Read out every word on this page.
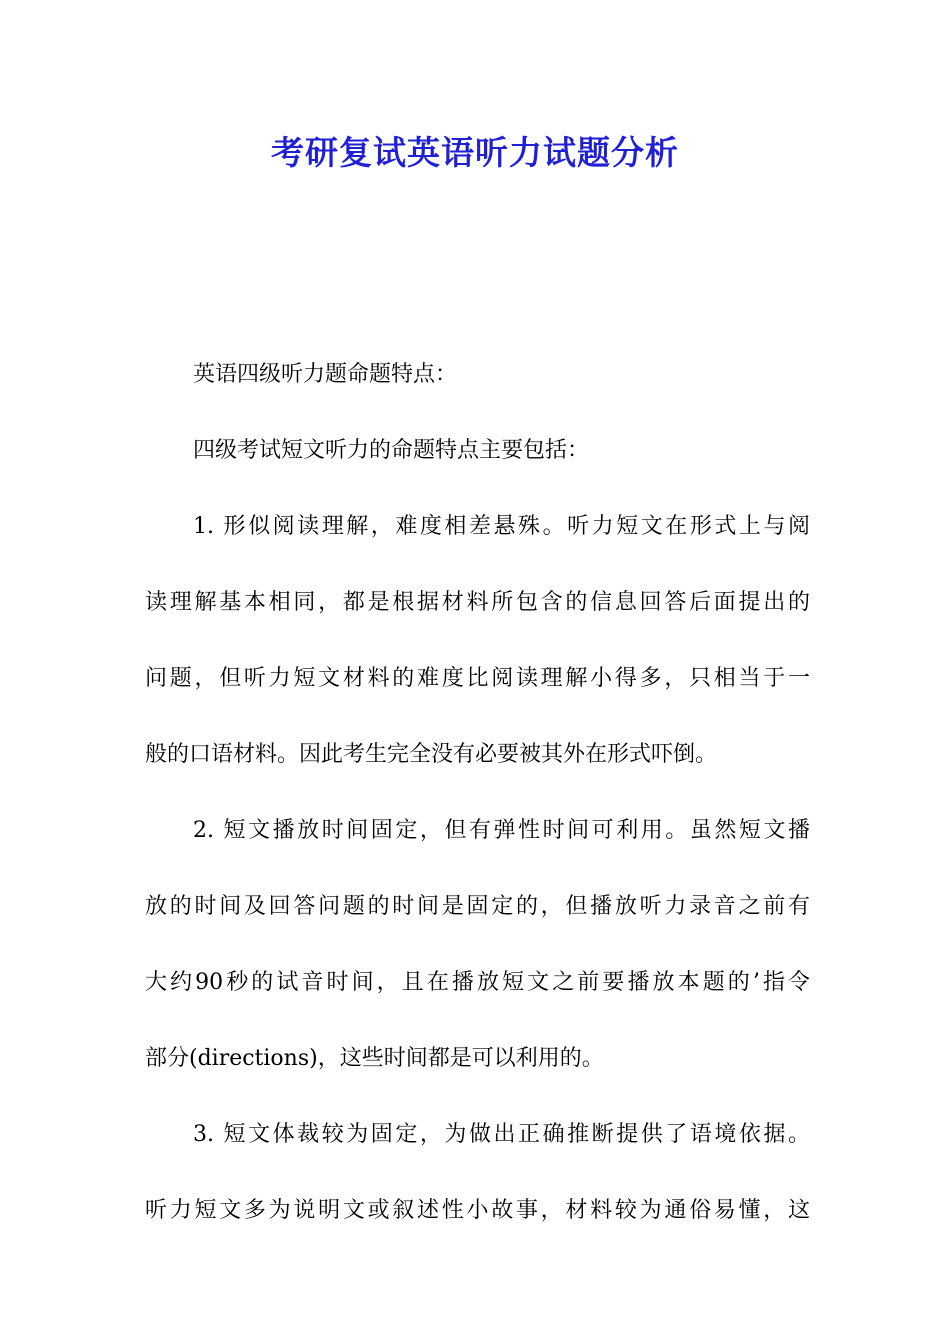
考研复试英语听力试题分析
英语四级听力题命题特点：
四级考试短文听力的命题特点主要包括：
1. 形似阅读理解，难度相差悬殊。听力短文在形式上与阅
读理解基本相同，都是根据材料所包含的信息回答后面提出的
问题，但听力短文材料的难度比阅读理解小得多，只相当于一
般的口语材料。因此考生完全没有必要被其外在形式吓倒。
2. 短文播放时间固定，但有弹性时间可利用。虽然短文播
放的时间及回答问题的时间是固定的，但播放听力录音之前有
大约90秒的试音时间，且在播放短文之前要播放本题的’指令
部分(directions)，这些时间都是可以利用的。
3. 短文体裁较为固定，为做出正确推断提供了语境依据。
听力短文多为说明文或叙述性小故事，材料较为通俗易懂，这
